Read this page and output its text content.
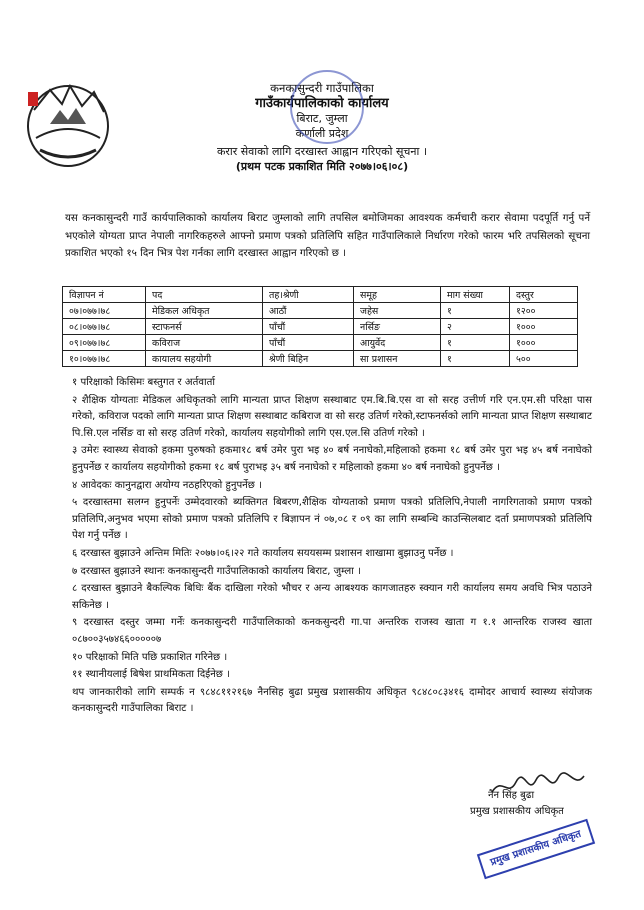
कनकासुन्दरी गाउँपालिका
गाउँकार्यपालिकाको कार्यालय
बिराट, जुम्ला
कर्णाली प्रदेश
करार सेवाको लागि दरखास्त आह्वान गरिएको सूचना ।
(प्रथम पटक प्रकाशित मिति २०७७।०६।०८)
यस कनकासुन्दरी गाउँ कार्यपालिकाको कार्यालय बिराट जुम्लाको लागि तपसिल बमोजिमका आवश्यक कर्मचारी करार सेवामा पदपूर्ति गर्नु पर्ने भएकोले योग्यता प्राप्त नेपाली नागरिकहरुले आफ्नो प्रमाण पत्रको प्रतिलिपि सहित गाउँपालिकाले निर्धारण गरेको फारम भरि तपसिलको सूचना प्रकाशित भएको १५ दिन भित्र पेश गर्नका लागि दरखास्त आह्वान गरिएको छ ।
विज्ञापन नं	पद	तह।श्रेणी	समूह	माग संख्या	दस्तुर
०७।०७७।७८	मेडिकल अधिकृत	आठौं	जहेस	१	१२००
०८।०७७।७८	स्टाफनर्स	पाँचौं	नर्सिङ	२	१०००
०९।०७७।७८	कविराज	पाँचौं	आयुर्वेद	१	१०००
१०।०७७।७८	कायालय सहयोगी	श्रेणी बिहिन	सा प्रशासन	१	५००

१ परिक्षाको किसिमः बस्तुगत र अर्तवार्ता

२ शैक्षिक योग्यताः मेडिकल अधिकृतको लागि मान्यता प्राप्त शिक्षण सस्थाबाट एम.बि.बि.एस वा सो सरह उत्तीर्ण गरि एन.एम.सी परिक्षा पास गरेको, कविराज पदको लागि मान्यता प्राप्त शिक्षण सस्थाबाट कबिराज वा सो सरह उतिर्ण गरेको,स्टाफनर्सको लागि मान्यता प्राप्त शिक्षण सस्थाबाट पि.सि.एल नर्सिङ वा सो सरह उतिर्ण गरेको, कार्यालय सहयोगीको लागि एस.एल.सि उतिर्ण गरेको ।

३ उमेरः स्वास्थ्य सेवाको हकमा पुरुषको हकमा१८ बर्ष उमेर पुरा भइ ४० बर्ष ननाघेको,महिलाको हकमा १८ बर्ष उमेर पुरा भइ ४५ बर्ष ननाघेको हुनुपर्नेछ र कार्यालय सहयोगीको हकमा १८ बर्ष पुराभइ ३५ बर्ष ननाघेको र महिलाको हकमा ४० बर्ष ननाघेको हुनुपर्नेछ ।

४ आवेदकः कानुनद्वारा अयोग्य नठहरिएको हुनुपर्नेछ ।

५ दरखास्तमा सलग्न हुनुपर्नेः उम्मेदवारको ब्यक्तिगत बिबरण,शैक्षिक योग्यताको प्रमाण पत्रको प्रतिलिपि,नेपाली नागरिगताको प्रमाण पत्रको प्रतिलिपि,अनुभव भएमा सोको प्रमाण पत्रको प्रतिलिपि र बिज्ञापन नं ०७,०८ र ०९ का लागि सम्बन्धि काउन्सिलबाट दर्ता प्रमाणपत्रको प्रतिलिपि पेश गर्नु पर्नेछ ।

६ दरखास्त बुझाउने अन्तिम मितिः २०७७।०६।२२ गते कार्यालय सययसम्म प्रशासन शाखामा बुझाउनु पर्नेछ ।

७ दरखास्त बुझाउने स्थानः कनकासुन्दरी गाउँपालिकाको कार्यालय बिराट, जुम्ला ।

८ दरखास्त बुझाउने बैकल्पिक बिधिः बैंक दाखिला गरेको भौचर र अन्य आबश्यक कागजातहरु स्क्यान गरी कार्यालय समय अवधि भित्र पठाउने सकिनेछ ।

९ दरखास्त दस्तुर जम्मा गर्नेः कनकासुन्दरी गाउँपालिकाको कनकसुन्दरी गा.पा अन्तरिक राजस्व खाता ग १.१ आन्तरिक राजस्व खाता ०८७००३५७४६६०००००७

१० परिक्षाको मिति पछि प्रकाशित गरिनेछ ।

११ स्थानीयलाई बिषेश प्राथमिकता दिईनेछ ।

थप जानकारीको लागि सम्पर्क न ९८४८११२१६७ नैनसिह बुढा प्रमुख प्रशासकीय अधिकृत ९८४८०८३४१६ दामोदर आचार्य स्वास्थ्य संयोजक कनकासुन्दरी गाउँपालिका बिराट ।

नैन सिंह बुढा
प्रमुख प्रशासकीय अधिकृत
प्रमुख प्रशासकीय अधिकृत
